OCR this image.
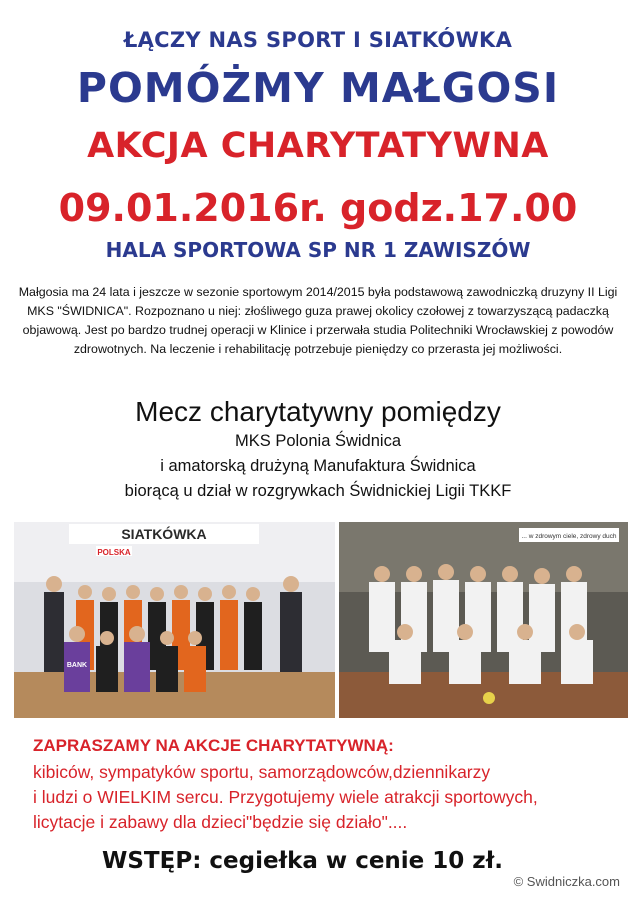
ŁĄCZY NAS SPORT I SIATKÓWKA
POMÓŻMY MAŁGOSI
AKCJA CHARYTATYWNA
09.01.2016r. godz.17.00
HALA SPORTOWA SP NR 1 ZAWISZÓW
Małgosia ma 24 lata i jeszcze w sezonie sportowym 2014/2015 była podstawową zawodniczką druzyny II Ligi MKS "ŚWIDNICA". Rozpoznano u niej: złośliwego guza prawej okolicy czołowej z towarzyszącą padaczką objawową. Jest po bardzo trudnej operacji w Klinice i przerwała studia Politechniki Wrocławskiej z powodów zdrowotnych. Na leczenie i rehabilitację potrzebuje pieniędzy co przerasta jej możliwości.
Mecz charytatywny pomiędzy
MKS Polonia Świdnica
i amatorską drużyną Manufaktura Świdnica
biorącą u dział w rozgrywkach Świdnickiej Ligii TKKF
SIATKÓWKA
POLSKA
BANK
... w zdrowym ciele, zdrowy duch
ZAPRASZAMY NA AKCJE CHARYTATYWNĄ:
kibiców, sympatyków sportu, samorządowców,dziennikarzy
i ludzi o WIELKIM sercu. Przygotujemy wiele atrakcji sportowych,
licytacje i zabawy dla dzieci"będzie się działo"....
WSTĘP: cegiełka w cenie 10 zł.
© Swidniczka.com
